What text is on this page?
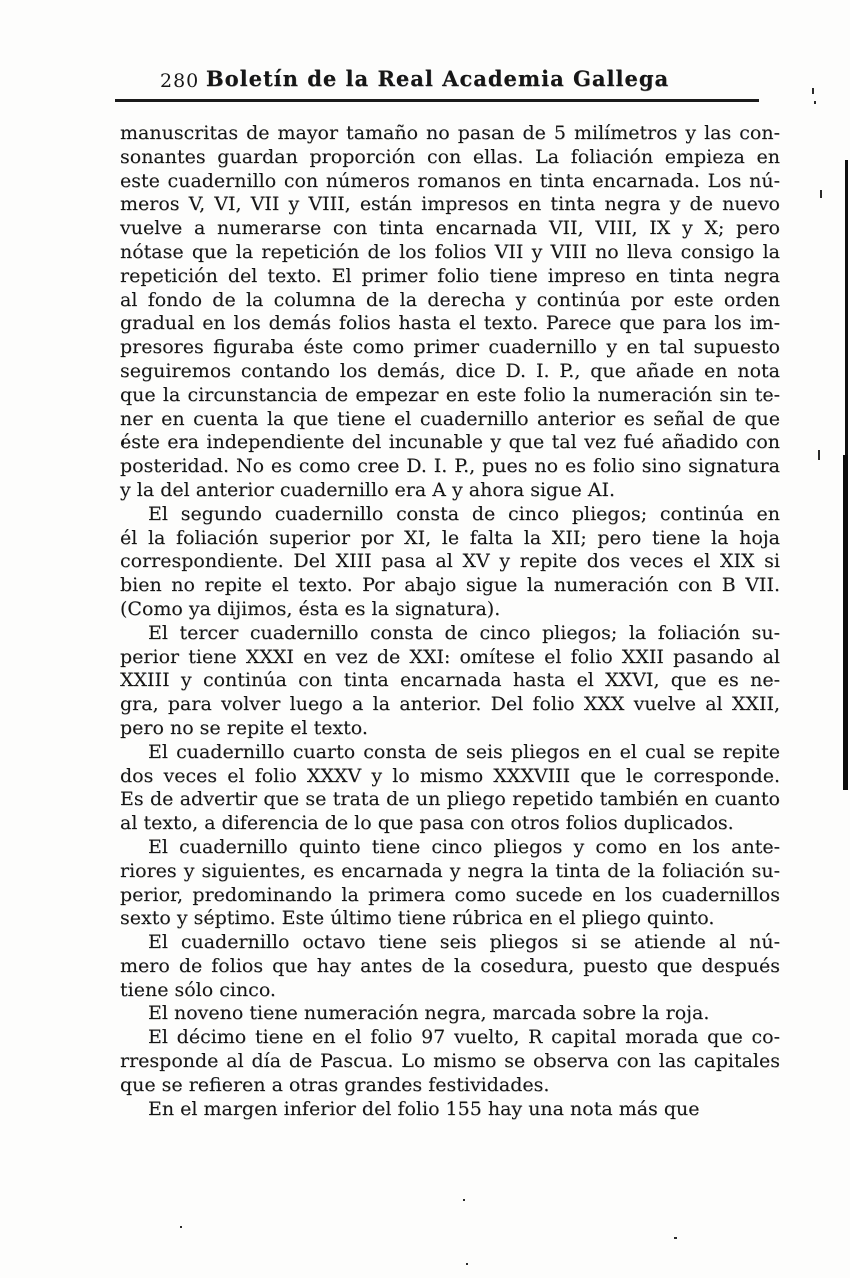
280 Boletín de la Real Academia Gallega
manuscritas de mayor tamaño no pasan de 5 milímetros y las con-
sonantes guardan proporción con ellas. La foliación empieza en
este cuadernillo con números romanos en tinta encarnada. Los nú-
meros V, VI, VII y VIII, están impresos en tinta negra y de nuevo
vuelve a numerarse con tinta encarnada VII, VIII, IX y X; pero
nótase que la repetición de los folios VII y VIII no lleva consigo la
repetición del texto. El primer folio tiene impreso en tinta negra
al fondo de la columna de la derecha y continúa por este orden
gradual en los demás folios hasta el texto. Parece que para los im-
presores figuraba éste como primer cuadernillo y en tal supuesto
seguiremos contando los demás, dice D. I. P., que añade en nota
que la circunstancia de empezar en este folio la numeración sin te-
ner en cuenta la que tiene el cuadernillo anterior es señal de que
éste era independiente del incunable y que tal vez fué añadido con
posteridad. No es como cree D. I. P., pues no es folio sino signatura
y la del anterior cuadernillo era A y ahora sigue AI.
El segundo cuadernillo consta de cinco pliegos; continúa en
él la foliación superior por XI, le falta la XII; pero tiene la hoja
correspondiente. Del XIII pasa al XV y repite dos veces el XIX si
bien no repite el texto. Por abajo sigue la numeración con B VII.
(Como ya dijimos, ésta es la signatura).
El tercer cuadernillo consta de cinco pliegos; la foliación su-
perior tiene XXXI en vez de XXI: omítese el folio XXII pasando al
XXIII y continúa con tinta encarnada hasta el XXVI, que es ne-
gra, para volver luego a la anterior. Del folio XXX vuelve al XXII,
pero no se repite el texto.
El cuadernillo cuarto consta de seis pliegos en el cual se repite
dos veces el folio XXXV y lo mismo XXXVIII que le corresponde.
Es de advertir que se trata de un pliego repetido también en cuanto
al texto, a diferencia de lo que pasa con otros folios duplicados.
El cuadernillo quinto tiene cinco pliegos y como en los ante-
riores y siguientes, es encarnada y negra la tinta de la foliación su-
perior, predominando la primera como sucede en los cuadernillos
sexto y séptimo. Este último tiene rúbrica en el pliego quinto.
El cuadernillo octavo tiene seis pliegos si se atiende al nú-
mero de folios que hay antes de la cosedura, puesto que después
tiene sólo cinco.
El noveno tiene numeración negra, marcada sobre la roja.
El décimo tiene en el folio 97 vuelto, R capital morada que co-
rresponde al día de Pascua. Lo mismo se observa con las capitales
que se refieren a otras grandes festividades.
En el margen inferior del folio 155 hay una nota más que
